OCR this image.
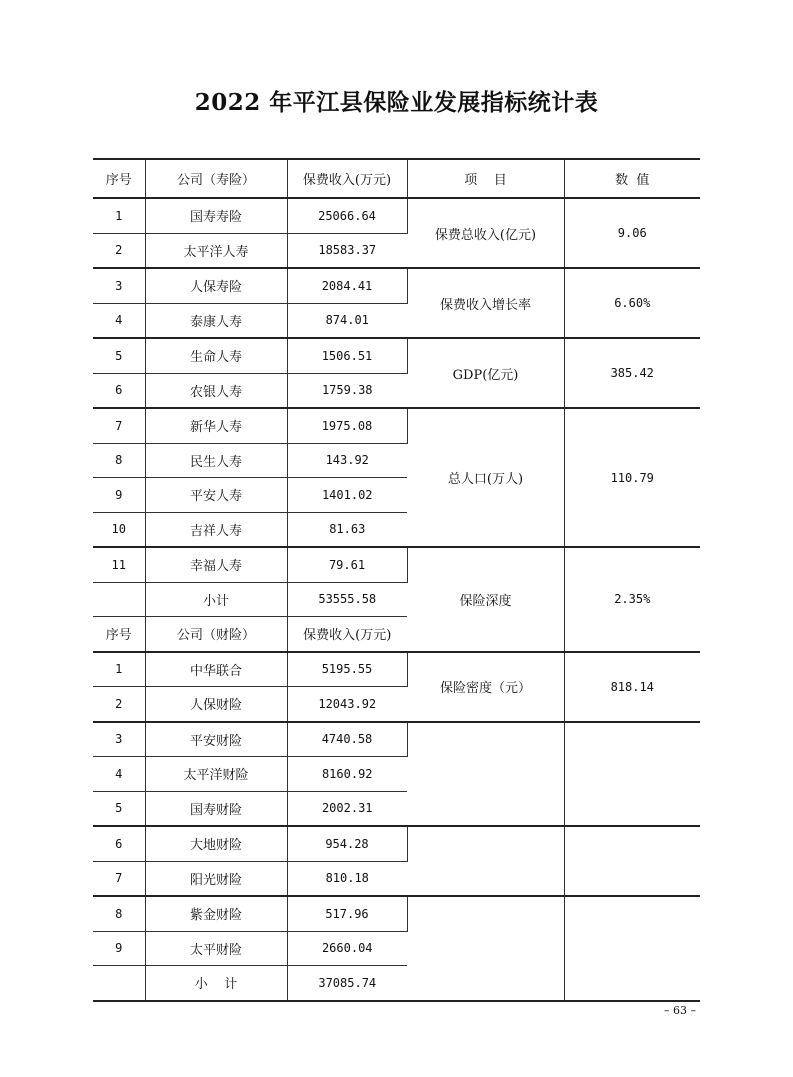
2022 年平江县保险业发展指标统计表
序号	公司（寿险）	保费收入(万元)	项    目	数  值
1	国寿寿险	25066.64	保费总收入(亿元)	9.06
2	太平洋人寿	18583.37		
3	人保寿险	2084.41	保费收入增长率	6.60%
4	泰康人寿	874.01		
5	生命人寿	1506.51	GDP(亿元)	385.42
6	农银人寿	1759.38		
7	新华人寿	1975.08	总人口(万人)	110.79
8	民生人寿	143.92		
9	平安人寿	1401.02		
10	吉祥人寿	81.63		
11	幸福人寿	79.61	保险深度	2.35%
	小计	53555.58		
序号	公司（财险）	保费收入(万元)		
1	中华联合	5195.55	保险密度（元）	818.14
2	人保财险	12043.92		
3	平安财险	4740.58		
4	太平洋财险	8160.92		
5	国寿财险	2002.31		
6	大地财险	954.28		
7	阳光财险	810.18		
8	紫金财险	517.96		
9	太平财险	2660.04		
	小    计	37085.74		
– 63 –
